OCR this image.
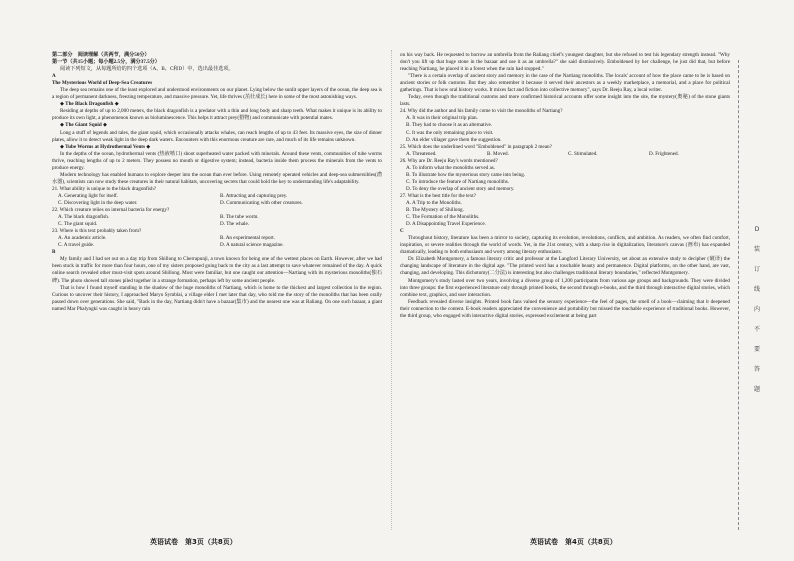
第二部分　阅读理解（共两节，满分50分）

第一节（共15小题；每小题2.5分，满分37.5分）

阅读下列短文，从每题所给的四个选项（A、B、C和D）中，选出最佳选项。

A

The Mysterious World of Deep-Sea Creatures

The deep sea remains one of the least explored and understood environments on our planet. Lying below the sunlit upper layers of the ocean, the deep sea is a region of permanent darkness, freezing temperature, and massive pressure. Yet, life thrives (茁壮成长) here in some of the most astonishing ways.

◆ The Black Dragonfish ◆

Residing at depths of up to 2,000 meters, the black dragonfish is a predator with a thin and long body and sharp teeth. What makes it unique is its ability to produce its own light, a phenomenon known as bioluminescence. This helps it attract prey(猎物) and communicate with potential mates.

◆ The Giant Squid ◆

Long a stuff of legends and tales, the giant squid, which occasionally attacks whales, can reach lengths of up to 43 feet. Its massive eyes, the size of dinner plates, allow it to detect weak light in the deep dark waters. Encounters with this enormous creature are rare, and much of its life remains unknown.

◆ Tube Worms at Hydrothermal Vents ◆

In the depths of the ocean, hydrothermal vents (热液喷口) shoot superheated water packed with minerals. Around these vents, communities of tube worms thrive, reaching lengths of up to 2 meters. They possess no mouth or digestive system; instead, bacteria inside them process the minerals from the vents to produce energy.

Modern technology has enabled humans to explore deeper into the ocean than ever before. Using remotely operated vehicles and deep-sea submersibles(潜水器), scientists can now study these creatures in their natural habitats, uncovering secrets that could hold the key to understanding life's adaptability.

21. What ability is unique to the black dragonfish?

A. Generating light for itself.	B. Attracting and capturing prey.
C. Discovering light in the deep water.	D. Communicating with other creatures.

22. Which creature relies on internal bacteria for energy?

A. The black dragonfish.	B. The tube worm.
C. The giant squid.	D. The whale.

23. Where is this text probably taken from?

A. An academic article.	B. An experimental report.
C. A travel guide.	D. A natural science magazine.

B

My family and I had set out on a day trip from Shillong to Cherrapunji, a town known for being one of the wettest places on Earth. However, after we had been stuck in traffic for more than four hours, one of my sisters proposed going back to the city as a last attempt to save whatever remained of the day. A quick online search revealed other must-visit spots around Shillong. Most were familiar, but one caught our attention—Nartiang with its mysterious monoliths(独石碑). The photo showed tall stones piled together in a strange formation, perhaps left by some ancient people.

That is how I found myself standing in the shadow of the huge monoliths of Nartiang, which is home to the thickest and largest collection in the region. Curious to uncover their history, I approached Maryo Symblai, a village elder I met later that day, who told me the story of the monoliths that has been orally passed down over generations. She said, "Back in the day, Nartiang didn't have a bazaar(集市) and the nearest one was at Raliang. On one such bazaar, a giant named Mar Phalyngki was caught in heavy rain

on his way back. He requested to borrow an umbrella from the Raliang chief's youngest daughter, but she refused to test his legendary strength instead. "Why don't you lift up that huge stone in the bazaar and use it as an umbrella?" she said dismissively. Emboldened by her challenge, he just did that, but before reaching Nartiang, he placed it in a forest when the rain had stopped."

"There is a certain overlap of ancient story and memory in the case of the Nartiang monoliths. The locals' account of how the place came to be is based on ancient stories or folk customs. But they also remember it because it served their ancestors as a weekly marketplace, a memorial, and a place for political gatherings. That is how oral history works. It mixes fact and fiction into collective memory", says Dr. Reeju Ray, a local writer.

Today, even though the traditional customs and more confirmed historical accounts offer some insight into the site, the mystery(奥秘) of the stone giants lasts.

24. Why did the author and his family come to visit the monoliths of Nartiang?

A. It was in their original trip plan.
B. They had to choose it as an alternative.
C. It was the only remaining place to visit.
D. An elder villager gave them the suggestion.

25. Which does the underlined word "Emboldened" in paragraph 2 mean?

A. Threatened.	B. Moved.	C. Stimulated.	D. Frightened.

26. Why are Dr. Reeju Ray's words mentioned?

A. To inform what the monoliths served as.
B. To illustrate how the mysterious story came into being.
C. To introduce the feature of Nartiang monoliths.
D. To deny the overlap of ancient story and memory.

27. What is the best title for the text?

A. A Trip to the Monoliths.
B. The Mystery of Shillong.
C. The Formation of the Monoliths.
D. A Disappointing Travel Experience.

C

Throughout history, literature has been a mirror to society, capturing its evolution, revolutions, conflicts, and ambition. As readers, we often find comfort, inspiration, or severe realities through the world of words. Yet, in the 21st century, with a sharp rise in digitalization, literature's canvas (画布) has expanded dramatically, leading to both enthusiasm and worry among literary enthusiasts.

Dr. Elizabeth Montgomery, a famous literary critic and professor at the Langford Literary University, set about an extensive study to decipher (破译) the changing landscape of literature in the digital age. "The printed word has a touchable beauty and permanence. Digital platforms, on the other hand, are vast, changing, and developing. This dichotomy(二分法) is interesting but also challenges traditional literary boundaries," reflected Montgomery.

Montgomery's study lasted over two years, involving a diverse group of 1,200 participants from various age groups and backgrounds. They were divided into three groups: the first experienced literature only through printed books, the second through e-books, and the third through interactive digital stories, which combine text, graphics, and user interaction.

Feedback revealed diverse insights. Printed book fans valued the sensory experience—the feel of pages, the smell of a book—claiming that it deepened their connection to the content. E-book readers appreciated the convenience and portability but missed the touchable experience of traditional books. However, the third group, who engaged with interactive digital stories, expressed excitement at being part

D
装
订
线
内
不
要
答
题
英语试卷　第3页（共8页）	英语试卷　第4页（共8页）
